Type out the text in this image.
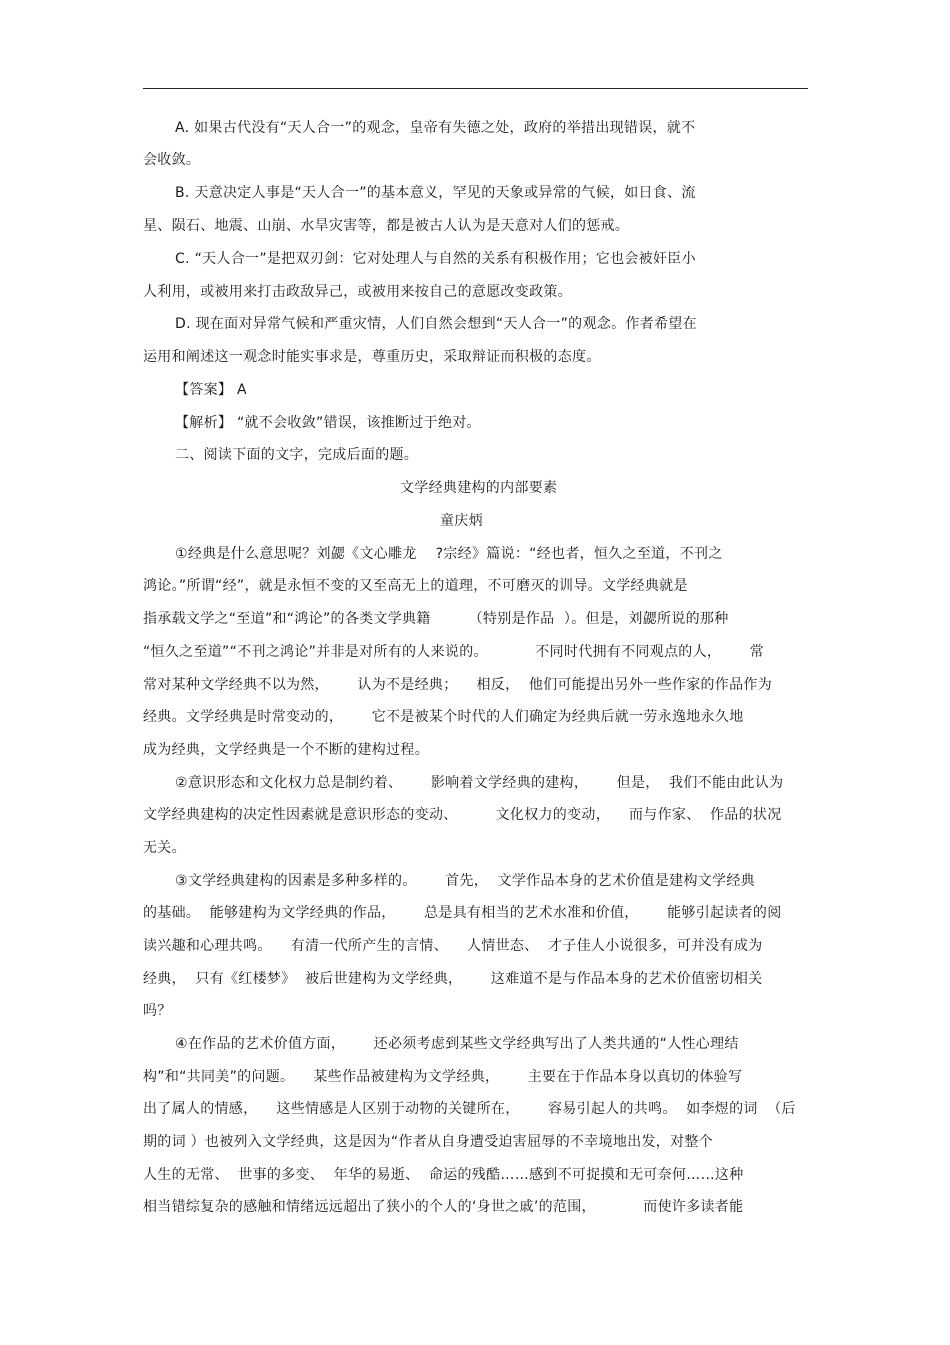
A. 如果古代没有“天人合一”的观念，皇帝有失德之处，政府的举措出现错误，就不
会收敛。
B. 天意决定人事是“天人合一”的基本意义，罕见的天象或异常的气候，如日食、流
星、陨石、地震、山崩、水旱灾害等，都是被古人认为是天意对人们的惩戒。
C. “天人合一”是把双刃剑：它对处理人与自然的关系有积极作用；它也会被奸臣小
人利用，或被用来打击政敌异己，或被用来按自己的意愿改变政策。
D. 现在面对异常气候和严重灾情，人们自然会想到“天人合一”的观念。作者希望在
运用和阐述这一观念时能实事求是，尊重历史，采取辩证而积极的态度。
【答案】 A
【解析】 “就不会收敛”错误，该推断过于绝对。
二、阅读下面的文字，完成后面的题。
文学经典建构的内部要素
童庆炳
①经典是什么意思呢？刘勰《文心雕龙    ?宗经》篇说：“经也者，恒久之至道，不刊之
鸿论。”所谓“经”，就是永恒不变的又至高无上的道理，不可磨灭的训导。文学经典就是
指承载文学之“至道”和“鸿论”的各类文学典籍        （特别是作品  ）。但是，刘勰所说的那种
“恒久之至道”“不刊之鸿论”并非是对所有的人来说的。          不同时代拥有不同观点的人，      常
常对某种文学经典不以为然，      认为不是经典；    相反，  他们可能提出另外一些作家的作品作为
经典。文学经典是时常变动的，      它不是被某个时代的人们确定为经典后就一劳永逸地永久地
成为经典，文学经典是一个不断的建构过程。
②意识形态和文化权力总是制约着、      影响着文学经典的建构，      但是，  我们不能由此认为
文学经典建构的决定性因素就是意识形态的变动、        文化权力的变动，    而与作家、  作品的状况
无关。
③文学经典建构的因素是多种多样的。      首先，  文学作品本身的艺术价值是建构文学经典
的基础。  能够建构为文学经典的作品，      总是具有相当的艺术水准和价值，      能够引起读者的阅
读兴趣和心理共鸣。    有清一代所产生的言情、    人情世态、  才子佳人小说很多，可并没有成为
经典，  只有《红楼梦》  被后世建构为文学经典，      这难道不是与作品本身的艺术价值密切相关
吗？
④在作品的艺术价值方面，      还必须考虑到某些文学经典写出了人类共通的“人性心理结
构”和“共同美”的问题。    某些作品被建构为文学经典，      主要在于作品本身以真切的体验写
出了属人的情感，    这些情感是人区别于动物的关键所在，      容易引起人的共鸣。  如李煜的词  （后
期的词 ）也被列入文学经典，这是因为“作者从自身遭受迫害屈辱的不幸境地出发，对整个
人生的无常、  世事的多变、  年华的易逝、  命运的残酷……感到不可捉摸和无可奈何……这种
相当错综复杂的感触和情绪远远超出了狭小的个人的‘身世之戚’的范围，          而使许多读者能
